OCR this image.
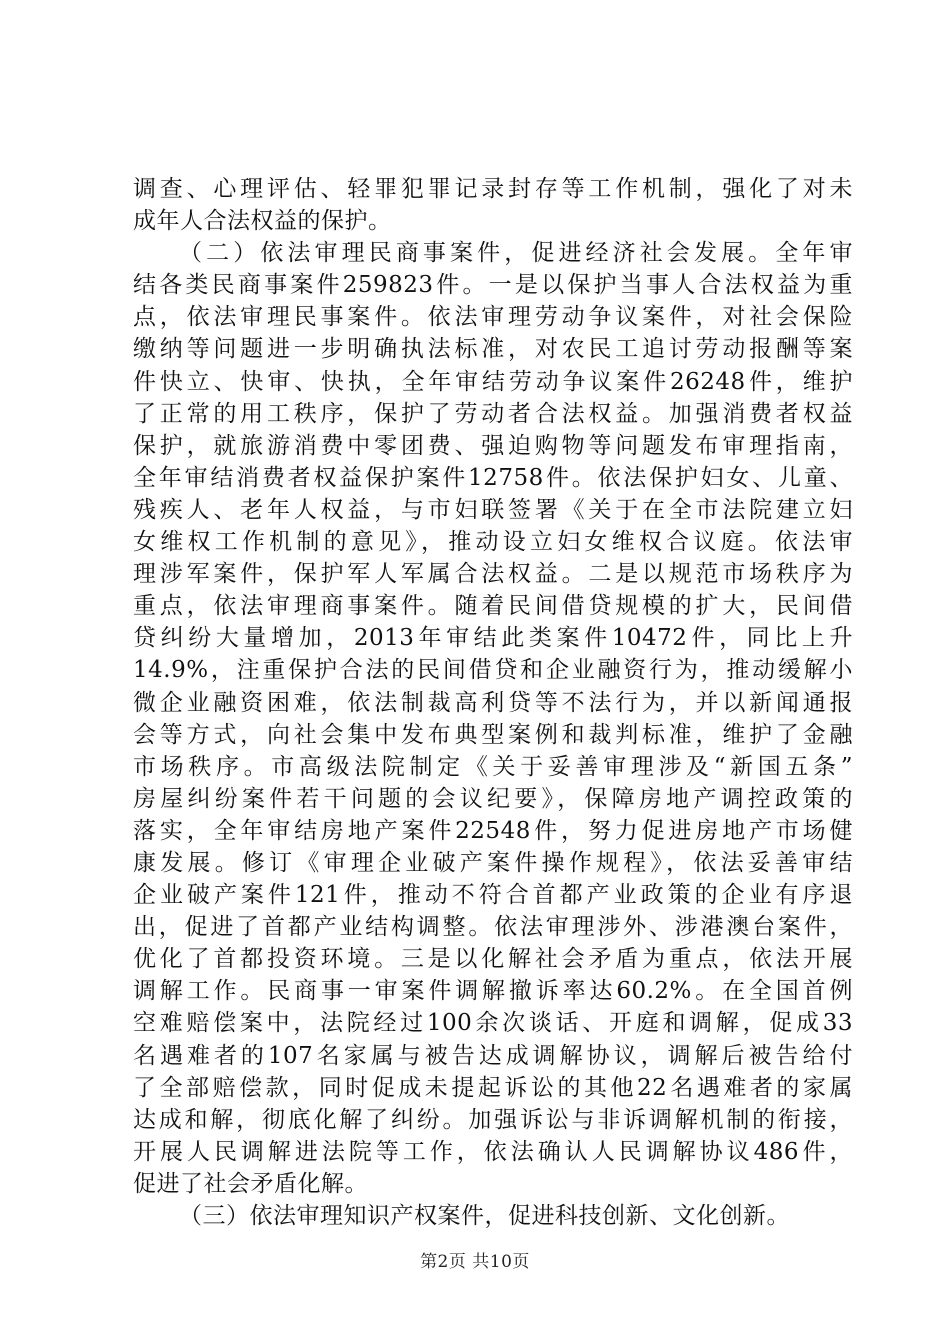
调查、心理评估、轻罪犯罪记录封存等工作机制，强化了对未
成年人合法权益的保护。
（二）依法审理民商事案件，促进经济社会发展。全年审
结各类民商事案件259823件。一是以保护当事人合法权益为重
点，依法审理民事案件。依法审理劳动争议案件，对社会保险
缴纳等问题进一步明确执法标准，对农民工追讨劳动报酬等案
件快立、快审、快执，全年审结劳动争议案件26248件，维护
了正常的用工秩序，保护了劳动者合法权益。加强消费者权益
保护，就旅游消费中零团费、强迫购物等问题发布审理指南，
全年审结消费者权益保护案件12758件。依法保护妇女、儿童、
残疾人、老年人权益，与市妇联签署《关于在全市法院建立妇
女维权工作机制的意见》，推动设立妇女维权合议庭。依法审
理涉军案件，保护军人军属合法权益。二是以规范市场秩序为
重点，依法审理商事案件。随着民间借贷规模的扩大，民间借
贷纠纷大量增加，2013年审结此类案件10472件，同比上升
14.9%，注重保护合法的民间借贷和企业融资行为，推动缓解小
微企业融资困难，依法制裁高利贷等不法行为，并以新闻通报
会等方式，向社会集中发布典型案例和裁判标准，维护了金融
市场秩序。市高级法院制定《关于妥善审理涉及“新国五条”
房屋纠纷案件若干问题的会议纪要》，保障房地产调控政策的
落实，全年审结房地产案件22548件，努力促进房地产市场健
康发展。修订《审理企业破产案件操作规程》，依法妥善审结
企业破产案件121件，推动不符合首都产业政策的企业有序退
出，促进了首都产业结构调整。依法审理涉外、涉港澳台案件，
优化了首都投资环境。三是以化解社会矛盾为重点，依法开展
调解工作。民商事一审案件调解撤诉率达60.2%。在全国首例
空难赔偿案中，法院经过100余次谈话、开庭和调解，促成33
名遇难者的107名家属与被告达成调解协议，调解后被告给付
了全部赔偿款，同时促成未提起诉讼的其他22名遇难者的家属
达成和解，彻底化解了纠纷。加强诉讼与非诉调解机制的衔接，
开展人民调解进法院等工作，依法确认人民调解协议486件，
促进了社会矛盾化解。
（三）依法审理知识产权案件，促进科技创新、文化创新。
第2页 共10页
